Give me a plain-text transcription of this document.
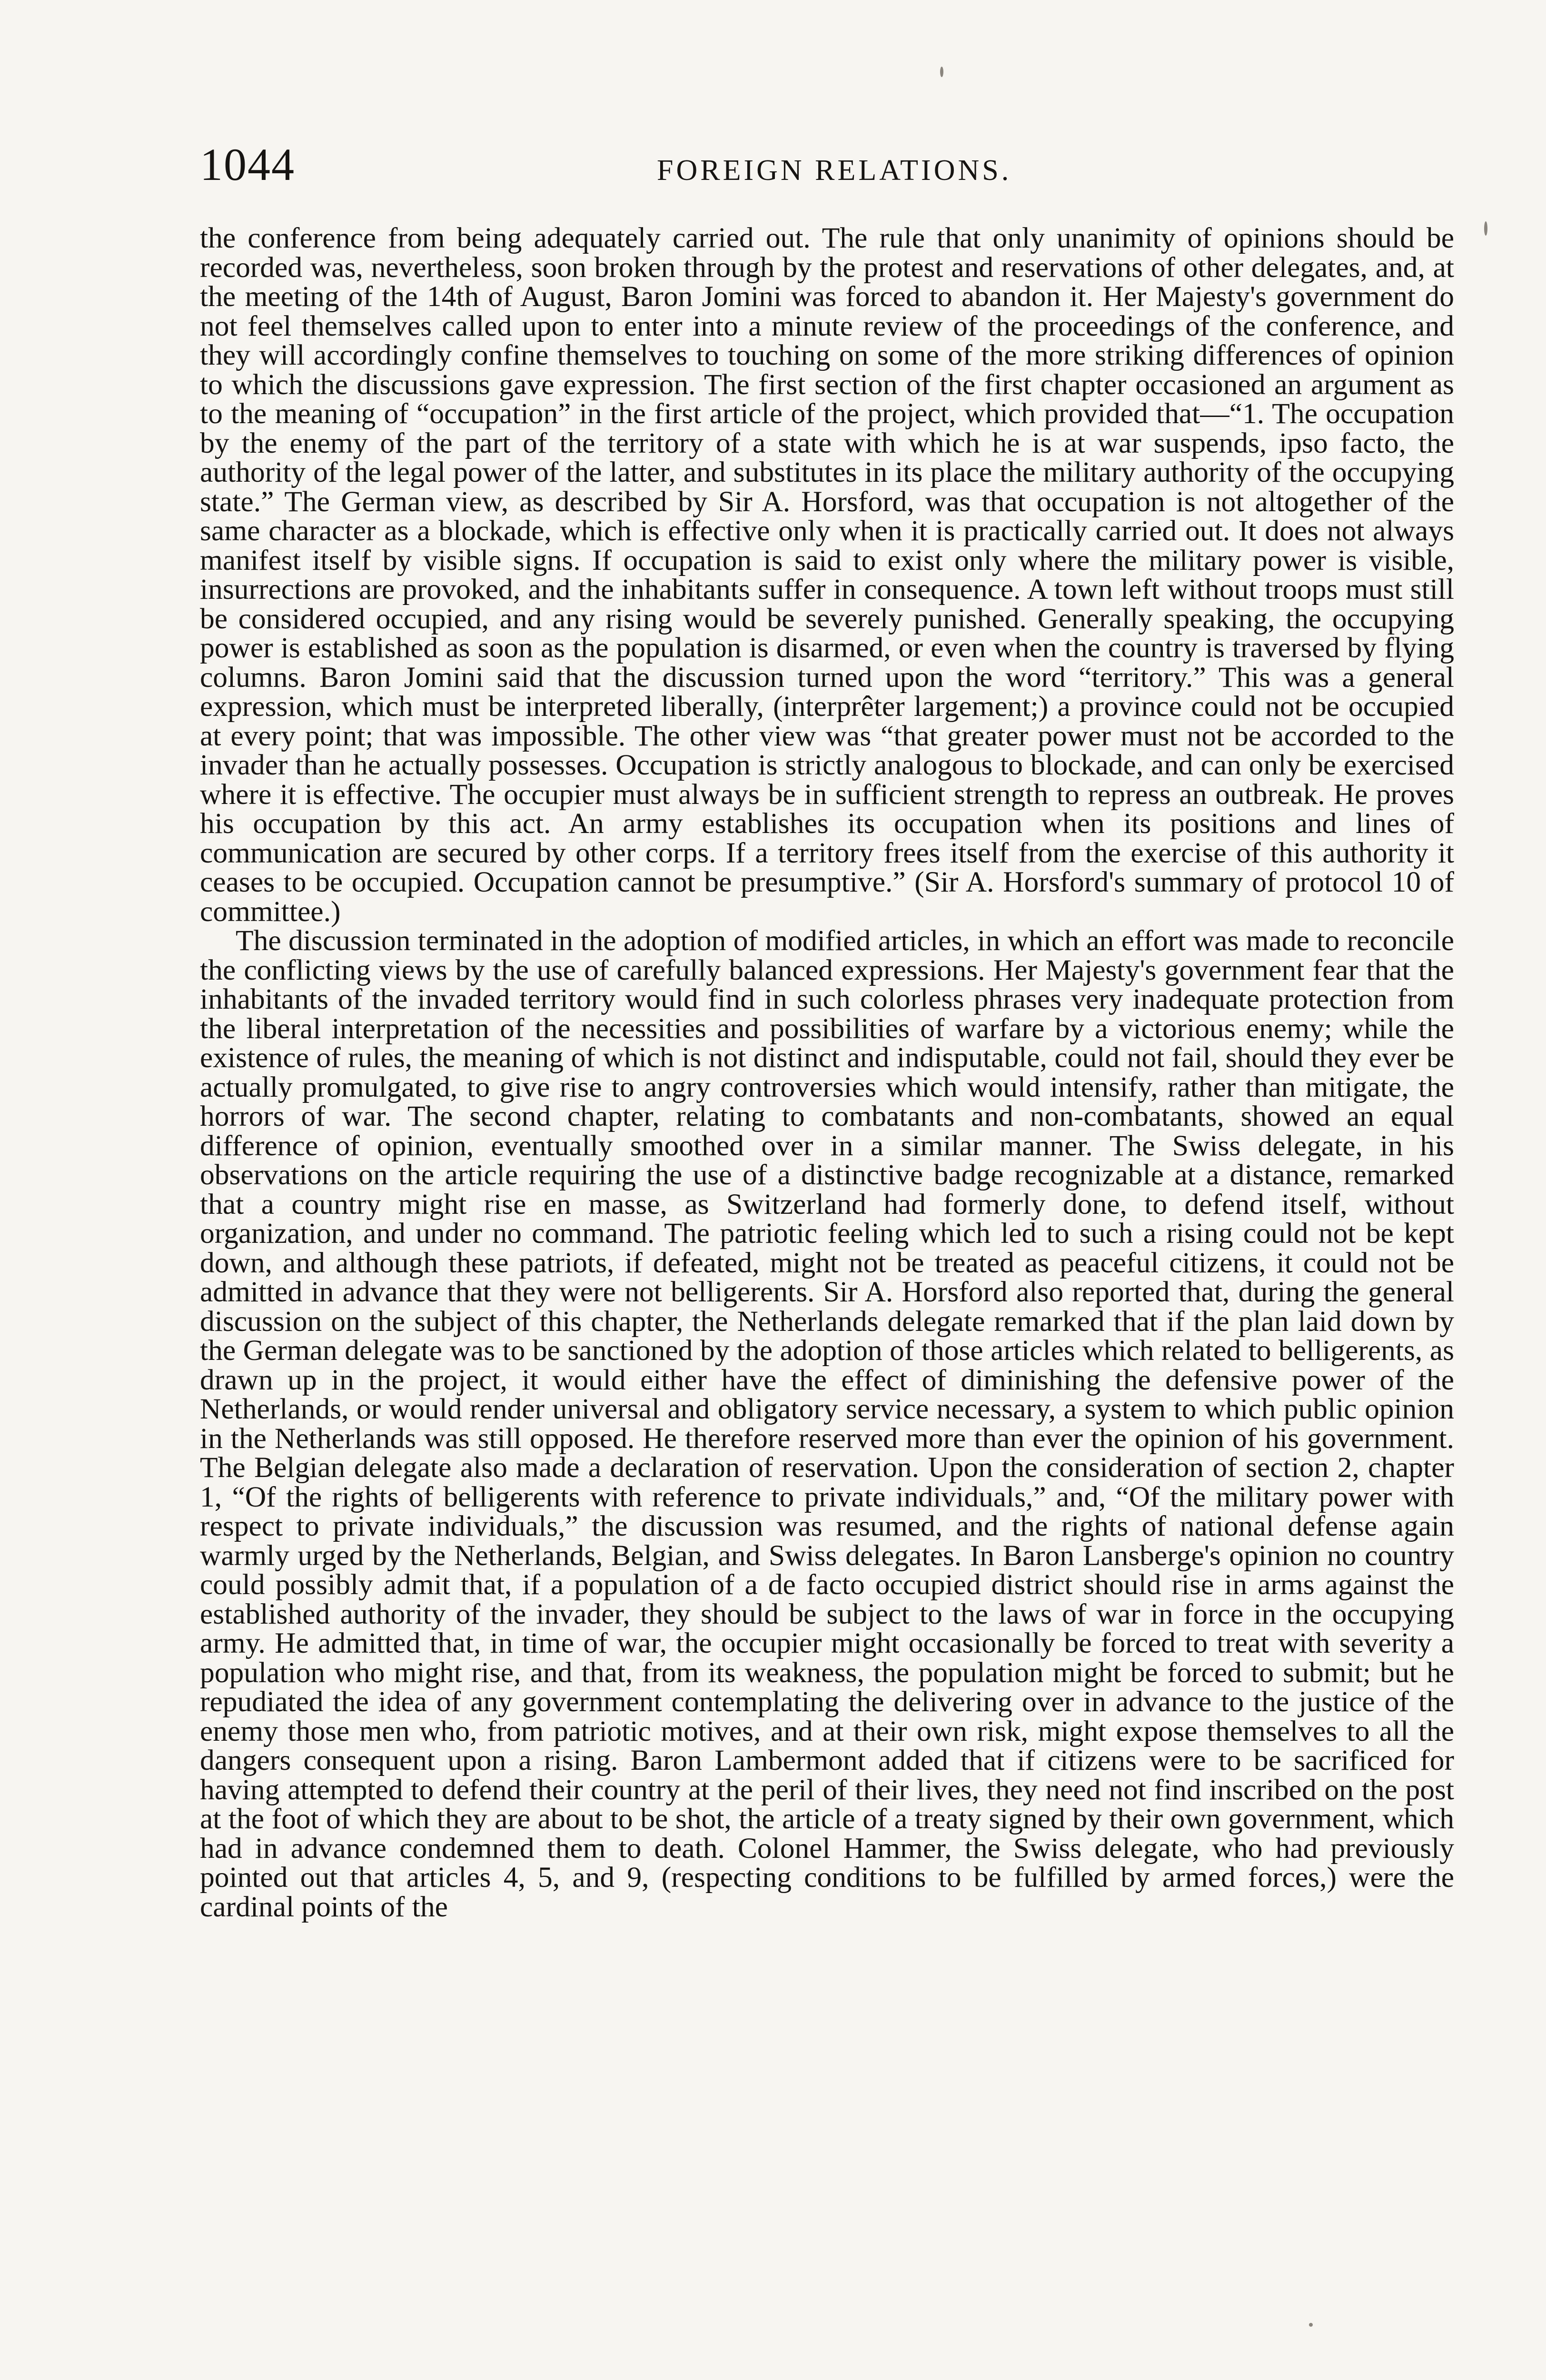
1044	FOREIGN RELATIONS.

the conference from being adequately carried out. The rule that only unanimity of opinions should be recorded was, nevertheless, soon broken through by the protest and reservations of other delegates, and, at the meeting of the 14th of August, Baron Jomini was forced to abandon it. Her Majesty's government do not feel themselves called upon to enter into a minute review of the proceedings of the conference, and they will accordingly confine themselves to touching on some of the more striking differences of opinion to which the discussions gave expression. The first section of the first chapter occasioned an argument as to the meaning of “occupation” in the first article of the project, which provided that—“1. The occupation by the enemy of the part of the territory of a state with which he is at war suspends, ipso facto, the authority of the legal power of the latter, and substitutes in its place the military authority of the occupying state.” The German view, as described by Sir A. Horsford, was that occupation is not altogether of the same character as a blockade, which is effective only when it is practically carried out. It does not always manifest itself by visible signs. If occupation is said to exist only where the military power is visible, insurrections are provoked, and the inhabitants suffer in consequence. A town left without troops must still be considered occupied, and any rising would be severely punished. Generally speaking, the occupying power is established as soon as the population is disarmed, or even when the country is traversed by flying columns. Baron Jomini said that the discussion turned upon the word “territory.” This was a general expression, which must be interpreted liberally, (interprêter largement;) a province could not be occupied at every point; that was impossible. The other view was “that greater power must not be accorded to the invader than he actually possesses. Occupation is strictly analogous to blockade, and can only be exercised where it is effective. The occupier must always be in sufficient strength to repress an outbreak. He proves his occupation by this act. An army establishes its occupation when its positions and lines of communication are secured by other corps. If a territory frees itself from the exercise of this authority it ceases to be occupied. Occupation cannot be presumptive.” (Sir A. Horsford's summary of protocol 10 of committee.)

The discussion terminated in the adoption of modified articles, in which an effort was made to reconcile the conflicting views by the use of carefully balanced expressions. Her Majesty's government fear that the inhabitants of the invaded territory would find in such colorless phrases very inadequate protection from the liberal interpretation of the necessities and possibilities of warfare by a victorious enemy; while the existence of rules, the meaning of which is not distinct and indisputable, could not fail, should they ever be actually promulgated, to give rise to angry controversies which would intensify, rather than mitigate, the horrors of war. The second chapter, relating to combatants and non-combatants, showed an equal difference of opinion, eventually smoothed over in a similar manner. The Swiss delegate, in his observations on the article requiring the use of a distinctive badge recognizable at a distance, remarked that a country might rise en masse, as Switzerland had formerly done, to defend itself, without organization, and under no command. The patriotic feeling which led to such a rising could not be kept down, and although these patriots, if defeated, might not be treated as peaceful citizens, it could not be admitted in advance that they were not belligerents. Sir A. Horsford also reported that, during the general discussion on the subject of this chapter, the Netherlands delegate remarked that if the plan laid down by the German delegate was to be sanctioned by the adoption of those articles which related to belligerents, as drawn up in the project, it would either have the effect of diminishing the defensive power of the Netherlands, or would render universal and obligatory service necessary, a system to which public opinion in the Netherlands was still opposed. He therefore reserved more than ever the opinion of his government. The Belgian delegate also made a declaration of reservation. Upon the consideration of section 2, chapter 1, “Of the rights of belligerents with reference to private individuals,” and, “Of the military power with respect to private individuals,” the discussion was resumed, and the rights of national defense again warmly urged by the Netherlands, Belgian, and Swiss delegates. In Baron Lansberge's opinion no country could possibly admit that, if a population of a de facto occupied district should rise in arms against the established authority of the invader, they should be subject to the laws of war in force in the occupying army. He admitted that, in time of war, the occupier might occasionally be forced to treat with severity a population who might rise, and that, from its weakness, the population might be forced to submit; but he repudiated the idea of any government contemplating the delivering over in advance to the justice of the enemy those men who, from patriotic motives, and at their own risk, might expose themselves to all the dangers consequent upon a rising. Baron Lambermont added that if citizens were to be sacrificed for having attempted to defend their country at the peril of their lives, they need not find inscribed on the post at the foot of which they are about to be shot, the article of a treaty signed by their own government, which had in advance condemned them to death. Colonel Hammer, the Swiss delegate, who had previously pointed out that articles 4, 5, and 9, (respecting conditions to be fulfilled by armed forces,) were the cardinal points of the
